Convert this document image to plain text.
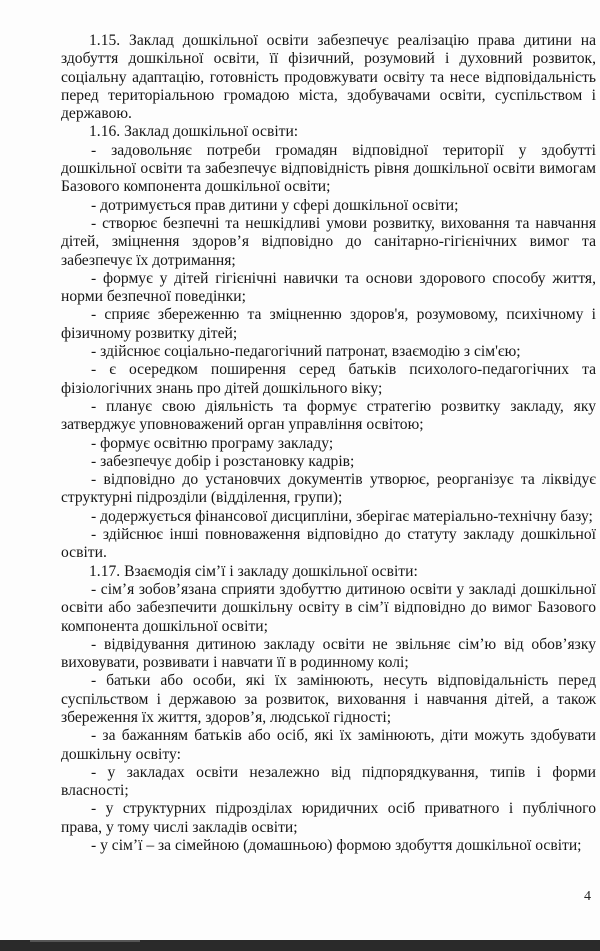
1.15. Заклад дошкільної освіти забезпечує реалізацію права дитини на здобуття дошкільної освіти, її фізичний, розумовий і духовний розвиток, соціальну адаптацію, готовність продовжувати освіту та несе відповідальність перед територіальною громадою міста, здобувачами освіти, суспільством і державою.

1.16. Заклад дошкільної освіти:

- задовольняє потреби громадян відповідної території у здобутті дошкільної освіти та забезпечує відповідність рівня дошкільної освіти вимогам Базового компонента дошкільної освіти;

- дотримується прав дитини у сфері дошкільної освіти;

- створює безпечні та нешкідливі умови розвитку, виховання та навчання дітей, зміцнення здоров’я відповідно до санітарно-гігієнічних вимог та забезпечує їх дотримання;

- формує у дітей гігієнічні навички та основи здорового способу життя, норми безпечної поведінки;

- сприяє збереженню та зміцненню здоров'я, розумовому, психічному і фізичному розвитку дітей;

- здійснює соціально-педагогічний патронат, взаємодію з сім'єю;

- є осередком поширення серед батьків психолого-педагогічних та фізіологічних знань про дітей дошкільного віку;

- планує свою діяльність та формує стратегію розвитку закладу, яку затверджує уповноважений орган управління освітою;

- формує освітню програму закладу;

- забезпечує добір і розстановку кадрів;

- відповідно до установчих документів утворює, реорганізує та ліквідує структурні підрозділи (відділення, групи);

- додержується фінансової дисципліни, зберігає матеріально-технічну базу;

- здійснює інші повноваження відповідно до статуту закладу дошкільної освіти.

1.17. Взаємодія сім’ї і закладу дошкільної освіти:

- сім’я зобов’язана сприяти здобуттю дитиною освіти у закладі дошкільної освіти або забезпечити дошкільну освіту в сім’ї відповідно до вимог Базового компонента дошкільної освіти;

- відвідування дитиною закладу освіти не звільняє сім’ю від обов’язку виховувати, розвивати і навчати її в родинному колі;

- батьки або особи, які їх замінюють, несуть відповідальність перед суспільством і державою за розвиток, виховання і навчання дітей, а також збереження їх життя, здоров’я, людської гідності;

- за бажанням батьків або осіб, які їх замінюють, діти можуть здобувати дошкільну освіту:

- у закладах освіти незалежно від підпорядкування, типів і форми власності;

- у структурних підрозділах юридичних осіб приватного і публічного права, у тому числі закладів освіти;

- у сім’ї – за сімейною (домашньою) формою здобуття дошкільної освіти;

4
